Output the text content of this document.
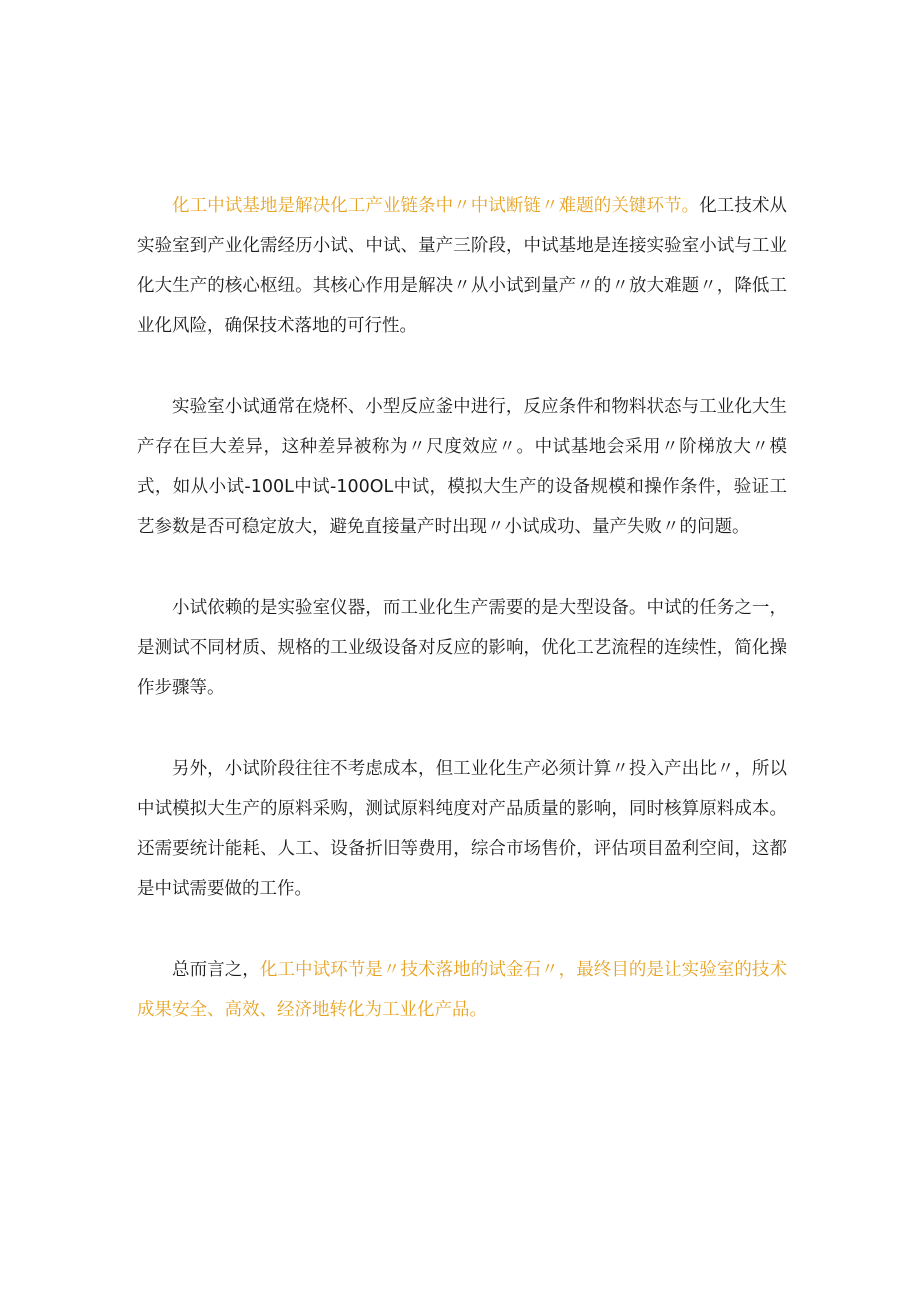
化工中试基地是解决化工产业链条中〃中试断链〃难题的关键环节。化工技术从实验室到产业化需经历小试、中试、量产三阶段，中试基地是连接实验室小试与工业化大生产的核心枢纽。其核心作用是解决〃从小试到量产〃的〃放大难题〃，降低工业化风险，确保技术落地的可行性。

实验室小试通常在烧杯、小型反应釜中进行，反应条件和物料状态与工业化大生产存在巨大差异，这种差异被称为〃尺度效应〃。中试基地会采用〃阶梯放大〃模式，如从小试-100L中试-100OL中试，模拟大生产的设备规模和操作条件，验证工艺参数是否可稳定放大，避免直接量产时出现〃小试成功、量产失败〃的问题。

小试依赖的是实验室仪器，而工业化生产需要的是大型设备。中试的任务之一，是测试不同材质、规格的工业级设备对反应的影响，优化工艺流程的连续性，简化操作步骤等。

另外，小试阶段往往不考虑成本，但工业化生产必须计算〃投入产出比〃，所以中试模拟大生产的原料采购，测试原料纯度对产品质量的影响，同时核算原料成本。还需要统计能耗、人工、设备折旧等费用，综合市场售价，评估项目盈利空间，这都是中试需要做的工作。

总而言之，化工中试环节是〃技术落地的试金石〃，最终目的是让实验室的技术成果安全、高效、经济地转化为工业化产品。
